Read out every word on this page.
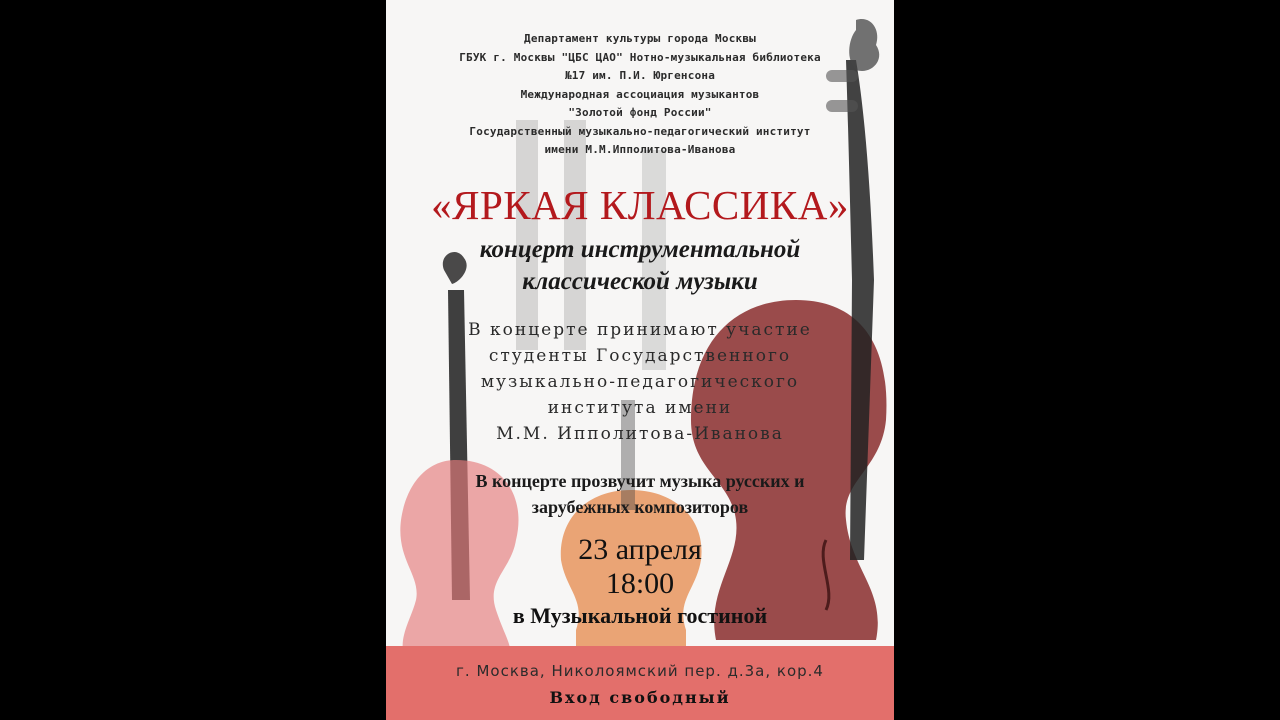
Департамент культуры города Москвы
ГБУК г. Москвы "ЦБС ЦАО" Нотно-музыкальная библиотека
№17 им. П.И. Юргенсона
Международная ассоциация музыкантов
"Золотой фонд России"
Государственный музыкально-педагогический институт
имени М.М.Ипполитова-Иванова
«ЯРКАЯ КЛАССИКА»
концерт инструментальной
классической музыки
В концерте принимают участие
студенты Государственного
музыкально-педагогического
института имени
М.М. Ипполитова-Иванова
В концерте прозвучит музыка русских и
зарубежных композиторов
23 апреля
18:00
в Музыкальной гостиной
г. Москва, Николоямский пер. д.3а, кор.4
Вход свободный
